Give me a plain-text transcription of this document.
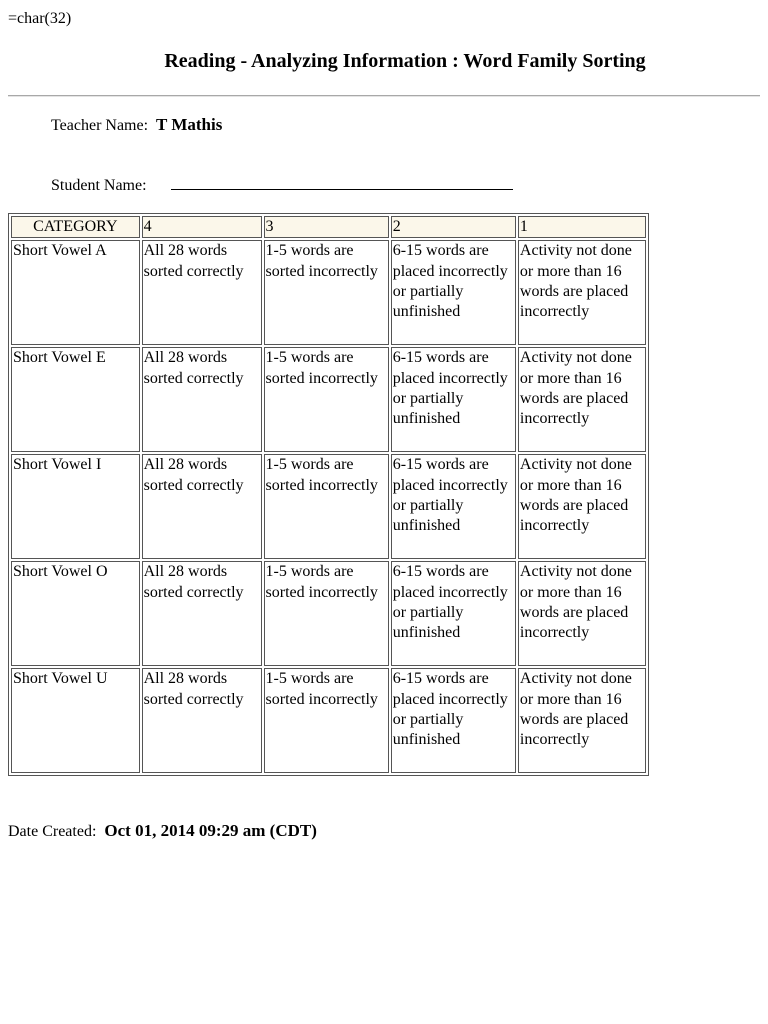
=char(32)
Reading - Analyzing Information : Word Family Sorting
Teacher Name: T Mathis
Student Name:
CATEGORY	4	3	2	1
Short Vowel A	All 28 words sorted correctly	1-5 words are sorted incorrectly	6-15 words are placed incorrectly or partially unfinished	Activity not done or more than 16 words are placed incorrectly
Short Vowel E	All 28 words sorted correctly	1-5 words are sorted incorrectly	6-15 words are placed incorrectly or partially unfinished	Activity not done or more than 16 words are placed incorrectly
Short Vowel I	All 28 words sorted correctly	1-5 words are sorted incorrectly	6-15 words are placed incorrectly or partially unfinished	Activity not done or more than 16 words are placed incorrectly
Short Vowel O	All 28 words sorted correctly	1-5 words are sorted incorrectly	6-15 words are placed incorrectly or partially unfinished	Activity not done or more than 16 words are placed incorrectly
Short Vowel U	All 28 words sorted correctly	1-5 words are sorted incorrectly	6-15 words are placed incorrectly or partially unfinished	Activity not done or more than 16 words are placed incorrectly
Date Created: Oct 01, 2014 09:29 am (CDT)
